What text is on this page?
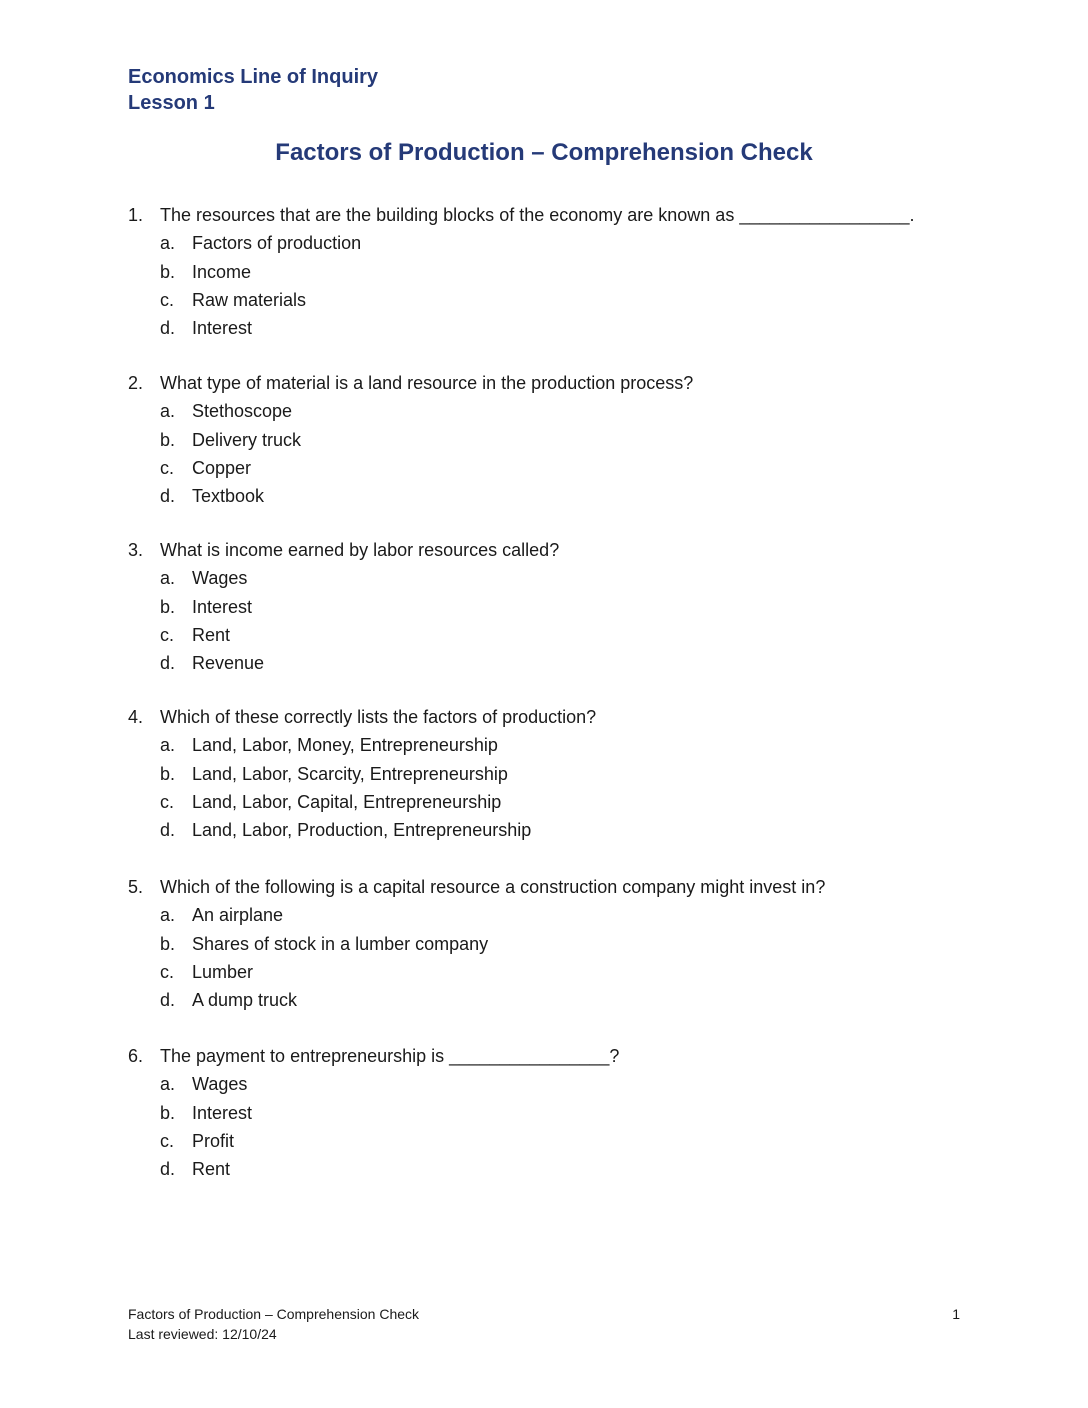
Economics Line of Inquiry
Lesson 1
Factors of Production – Comprehension Check
1. The resources that are the building blocks of the economy are known as _________________.
a. Factors of production
b. Income
c. Raw materials
d. Interest
2. What type of material is a land resource in the production process?
a. Stethoscope
b. Delivery truck
c. Copper
d. Textbook
3. What is income earned by labor resources called?
a. Wages
b. Interest
c. Rent
d. Revenue
4. Which of these correctly lists the factors of production?
a. Land, Labor, Money, Entrepreneurship
b. Land, Labor, Scarcity, Entrepreneurship
c. Land, Labor, Capital, Entrepreneurship
d. Land, Labor, Production, Entrepreneurship
5. Which of the following is a capital resource a construction company might invest in?
a. An airplane
b. Shares of stock in a lumber company
c. Lumber
d. A dump truck
6. The payment to entrepreneurship is ________________?
a. Wages
b. Interest
c. Profit
d. Rent
Factors of Production – Comprehension Check
Last reviewed: 12/10/24
1
